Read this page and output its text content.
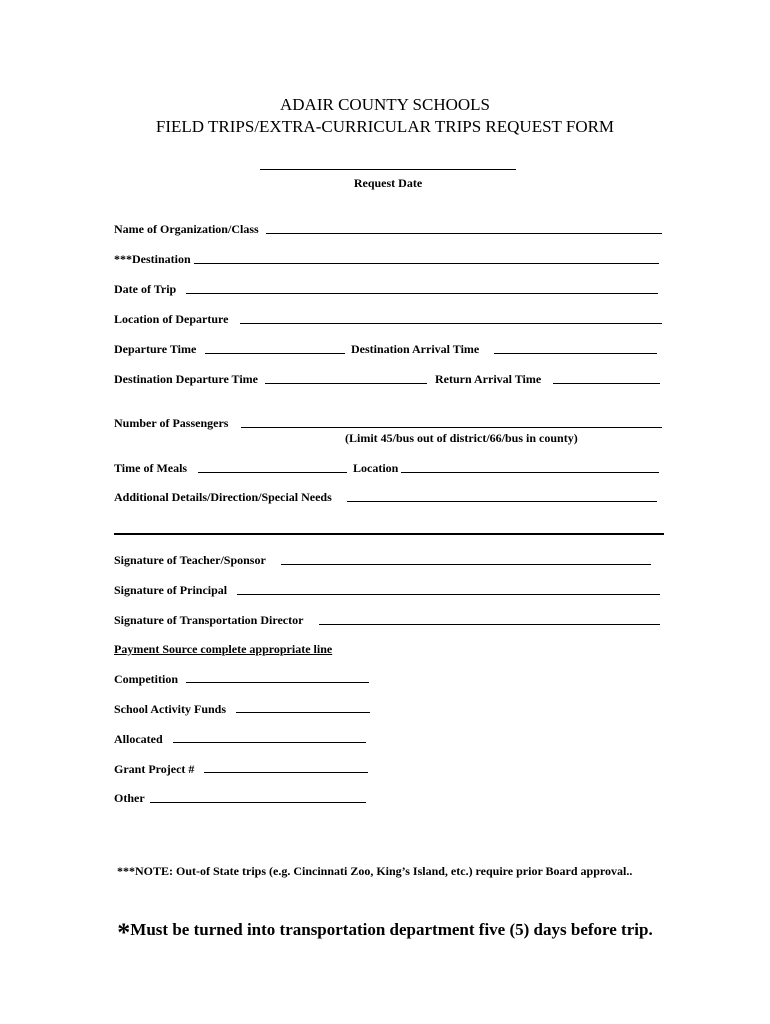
ADAIR COUNTY SCHOOLS
FIELD TRIPS/EXTRA-CURRICULAR TRIPS REQUEST FORM
Request Date
Name of Organization/Class
***Destination
Date of Trip
Location of Departure
Departure Time	Destination Arrival Time
Destination Departure Time	Return Arrival Time
Number of Passengers
(Limit 45/bus out of district/66/bus in county)
Time of Meals	Location
Additional Details/Direction/Special Needs
Signature of Teacher/Sponsor
Signature of Principal
Signature of Transportation Director
Payment Source complete appropriate line
Competition
School Activity Funds
Allocated
Grant Project #
Other
***NOTE: Out-of State trips (e.g. Cincinnati Zoo, King’s Island, etc.) require prior Board approval..
*Must be turned into transportation department five (5) days before trip.
